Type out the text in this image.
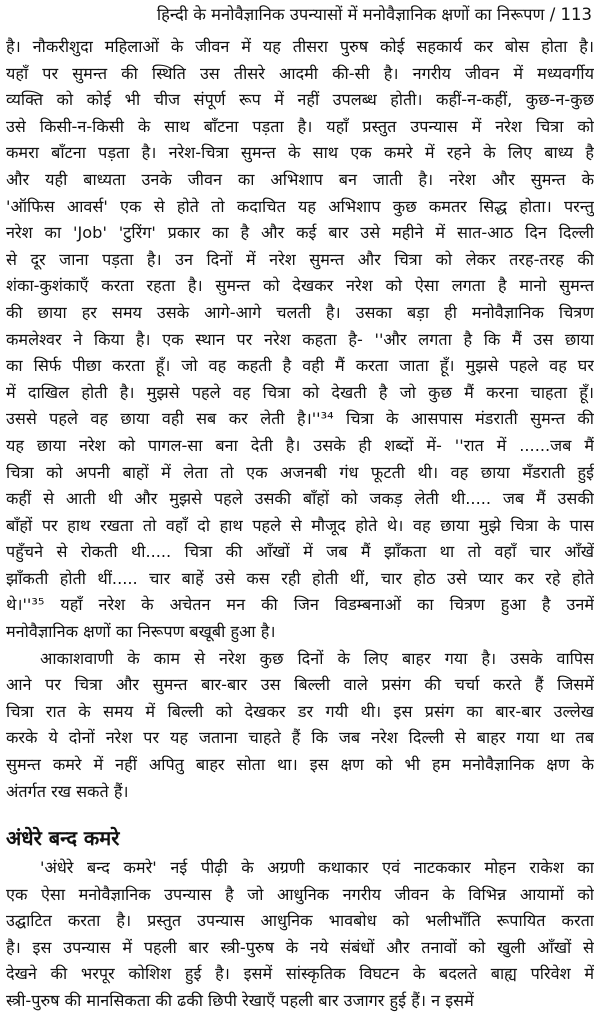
हिन्दी के मनोवैज्ञानिक उपन्यासों में मनोवैज्ञानिक क्षणों का निरूपण / 113
है। नौकरीशुदा महिलाओं के जीवन में यह तीसरा पुरुष कोई सहकार्य कर बोस होता है।
यहाँ पर सुमन्त की स्थिति उस तीसरे आदमी की-सी है। नगरीय जीवन में मध्यवर्गीय
व्यक्ति को कोई भी चीज संपूर्ण रूप में नहीं उपलब्ध होती। कहीं-न-कहीं, कुछ-न-कुछ
उसे किसी-न-किसी के साथ बाँटना पड़ता है। यहाँ प्रस्तुत उपन्यास में नरेश चित्रा को
कमरा बाँटना पड़ता है। नरेश-चित्रा सुमन्त के साथ एक कमरे में रहने के लिए बाध्य है
और यही बाध्यता उनके जीवन का अभिशाप बन जाती है। नरेश और सुमन्त के
'ऑफिस आवर्स' एक से होते तो कदाचित यह अभिशाप कुछ कमतर सिद्ध होता। परन्तु
नरेश का 'Job' 'टुरिंग' प्रकार का है और कई बार उसे महीने में सात-आठ दिन दिल्ली
से दूर जाना पड़ता है। उन दिनों में नरेश सुमन्त और चित्रा को लेकर तरह-तरह की
शंका-कुशंकाएँ करता रहता है। सुमन्त को देखकर नरेश को ऐसा लगता है मानो सुमन्त
की छाया हर समय उसके आगे-आगे चलती है। उसका बड़ा ही मनोवैज्ञानिक चित्रण
कमलेश्वर ने किया है। एक स्थान पर नरेश कहता है- ''और लगता है कि मैं उस छाया
का सिर्फ पीछा करता हूँ। जो वह कहती है वही मैं करता जाता हूँ। मुझसे पहले वह घर
में दाखिल होती है। मुझसे पहले वह चित्रा को देखती है जो कुछ मैं करना चाहता हूँ।
उससे पहले वह छाया वही सब कर लेती है।''³⁴ चित्रा के आसपास मंडराती सुमन्त की
यह छाया नरेश को पागल-सा बना देती है। उसके ही शब्दों में- ''रात में ......जब मैं
चित्रा को अपनी बाहों में लेता तो एक अजनबी गंध फूटती थी। वह छाया मँडराती हुई
कहीं से आती थी और मुझसे पहले उसकी बाँहों को जकड़ लेती थी..... जब मैं उसकी
बाँहों पर हाथ रखता तो वहाँ दो हाथ पहले से मौजूद होते थे। वह छाया मुझे चित्रा के पास
पहुँचने से रोकती थी..... चित्रा की आँखों में जब मैं झाँकता था तो वहाँ चार आँखें
झाँकती होती थीं..... चार बाहें उसे कस रही होती थीं, चार होठ उसे प्यार कर रहे होते
थे।''³⁵ यहाँ नरेश के अचेतन मन की जिन विडम्बनाओं का चित्रण हुआ है उनमें
मनोवैज्ञानिक क्षणों का निरूपण बखूबी हुआ है।
आकाशवाणी के काम से नरेश कुछ दिनों के लिए बाहर गया है। उसके वापिस
आने पर चित्रा और सुमन्त बार-बार उस बिल्ली वाले प्रसंग की चर्चा करते हैं जिसमें
चित्रा रात के समय में बिल्ली को देखकर डर गयी थी। इस प्रसंग का बार-बार उल्लेख
करके ये दोनों नरेश पर यह जताना चाहते हैं कि जब नरेश दिल्ली से बाहर गया था तब
सुमन्त कमरे में नहीं अपितु बाहर सोता था। इस क्षण को भी हम मनोवैज्ञानिक क्षण के
अंतर्गत रख सकते हैं।
अंधेरे बन्द कमरे
'अंधेरे बन्द कमरे' नई पीढ़ी के अग्रणी कथाकार एवं नाटककार मोहन राकेश का
एक ऐसा मनोवैज्ञानिक उपन्यास है जो आधुनिक नगरीय जीवन के विभिन्न आयामों को
उद्घाटित करता है। प्रस्तुत उपन्यास आधुनिक भावबोध को भलीभाँति रूपायित करता
है। इस उपन्यास में पहली बार स्त्री-पुरुष के नये संबंधों और तनावों को खुली आँखों से
देखने की भरपूर कोशिश हुई है। इसमें सांस्कृतिक विघटन के बदलते बाह्य परिवेश में
स्त्री-पुरुष की मानसिकता की ढकी छिपी रेखाएँ पहली बार उजागर हुई हैं। न इसमें
